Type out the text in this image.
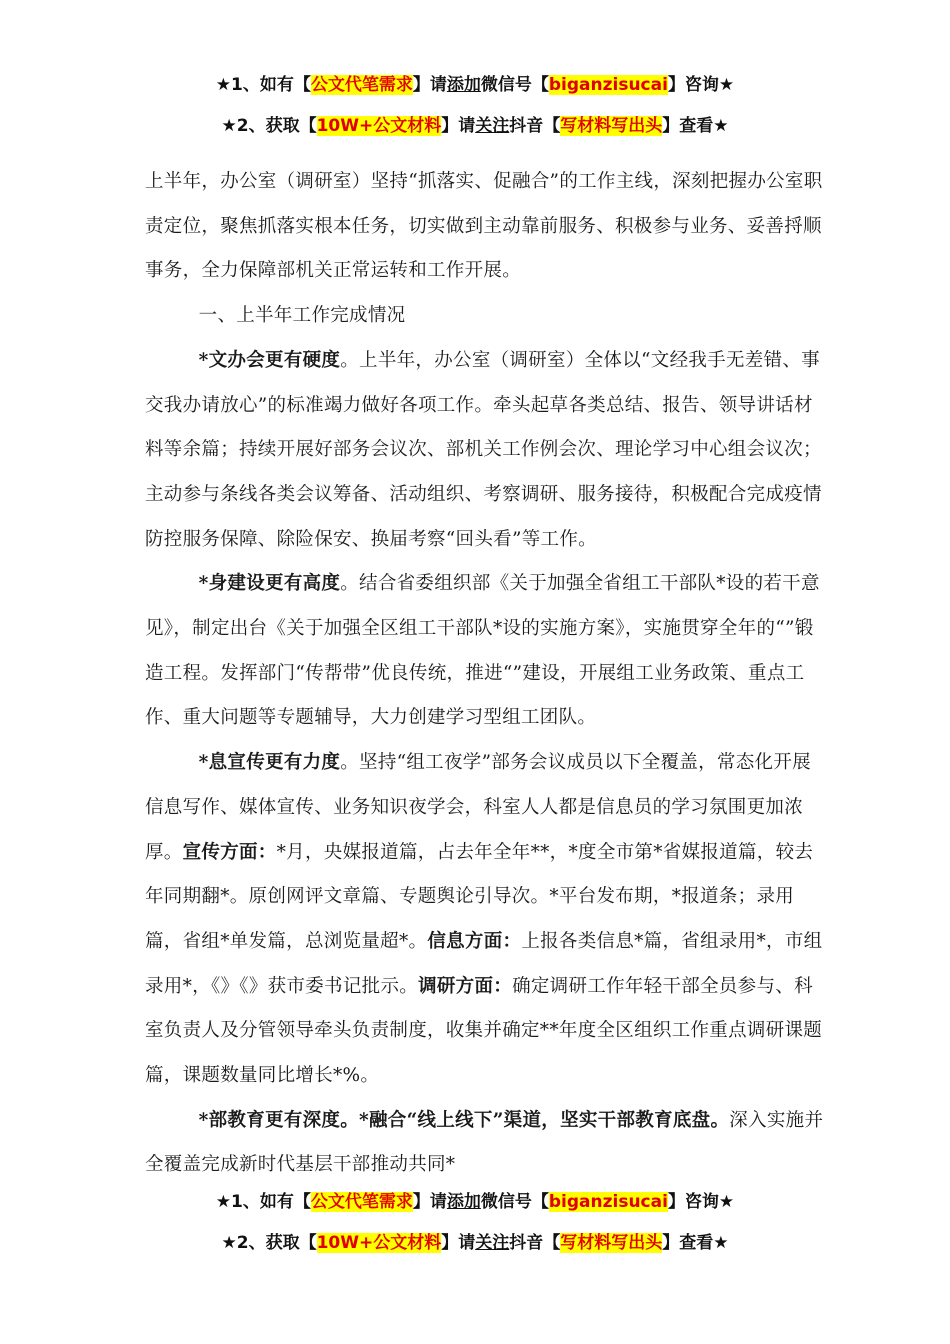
★1、如有【公文代笔需求】请添加微信号【biganzisucai】咨询★
★2、获取【10W+公文材料】请关注抖音【写材料写出头】查看★

上半年，办公室（调研室）坚持“抓落实、促融合”的工作主线，深刻把握办公室职责定位，聚焦抓落实根本任务，切实做到主动靠前服务、积极参与业务、妥善捋顺事务，全力保障部机关正常运转和工作开展。

一、上半年工作完成情况

*文办会更有硬度。上半年，办公室（调研室）全体以“文经我手无差错、事交我办请放心”的标准竭力做好各项工作。牵头起草各类总结、报告、领导讲话材料等余篇；持续开展好部务会议次、部机关工作例会次、理论学习中心组会议次；主动参与条线各类会议筹备、活动组织、考察调研、服务接待，积极配合完成疫情防控服务保障、除险保安、换届考察“回头看”等工作。

*身建设更有高度。结合省委组织部《关于加强全省组工干部队*设的若干意见》，制定出台《关于加强全区组工干部队*设的实施方案》，实施贯穿全年的“”锻造工程。发挥部门“传帮带”优良传统，推进“”建设，开展组工业务政策、重点工作、重大问题等专题辅导，大力创建学习型组工团队。

*息宣传更有力度。坚持“组工夜学”部务会议成员以下全覆盖，常态化开展信息写作、媒体宣传、业务知识夜学会，科室人人都是信息员的学习氛围更加浓厚。宣传方面：*月，央媒报道篇，占去年全年**，*度全市第*省媒报道篇，较去年同期翻*。原创网评文章篇、专题舆论引导次。*平台发布期，*报道条；录用篇，省组*单发篇，总浏览量超*。信息方面：上报各类信息*篇，省组录用*，市组录用*，《》《》获市委书记批示。调研方面：确定调研工作年轻干部全员参与、科室负责人及分管领导牵头负责制度，收集并确定**年度全区组织工作重点调研课题篇，课题数量同比增长*%。

*部教育更有深度。*融合“线上线下”渠道，坚实干部教育底盘。深入实施并全覆盖完成新时代基层干部推动共同*

★1、如有【公文代笔需求】请添加微信号【biganzisucai】咨询★
★2、获取【10W+公文材料】请关注抖音【写材料写出头】查看★
